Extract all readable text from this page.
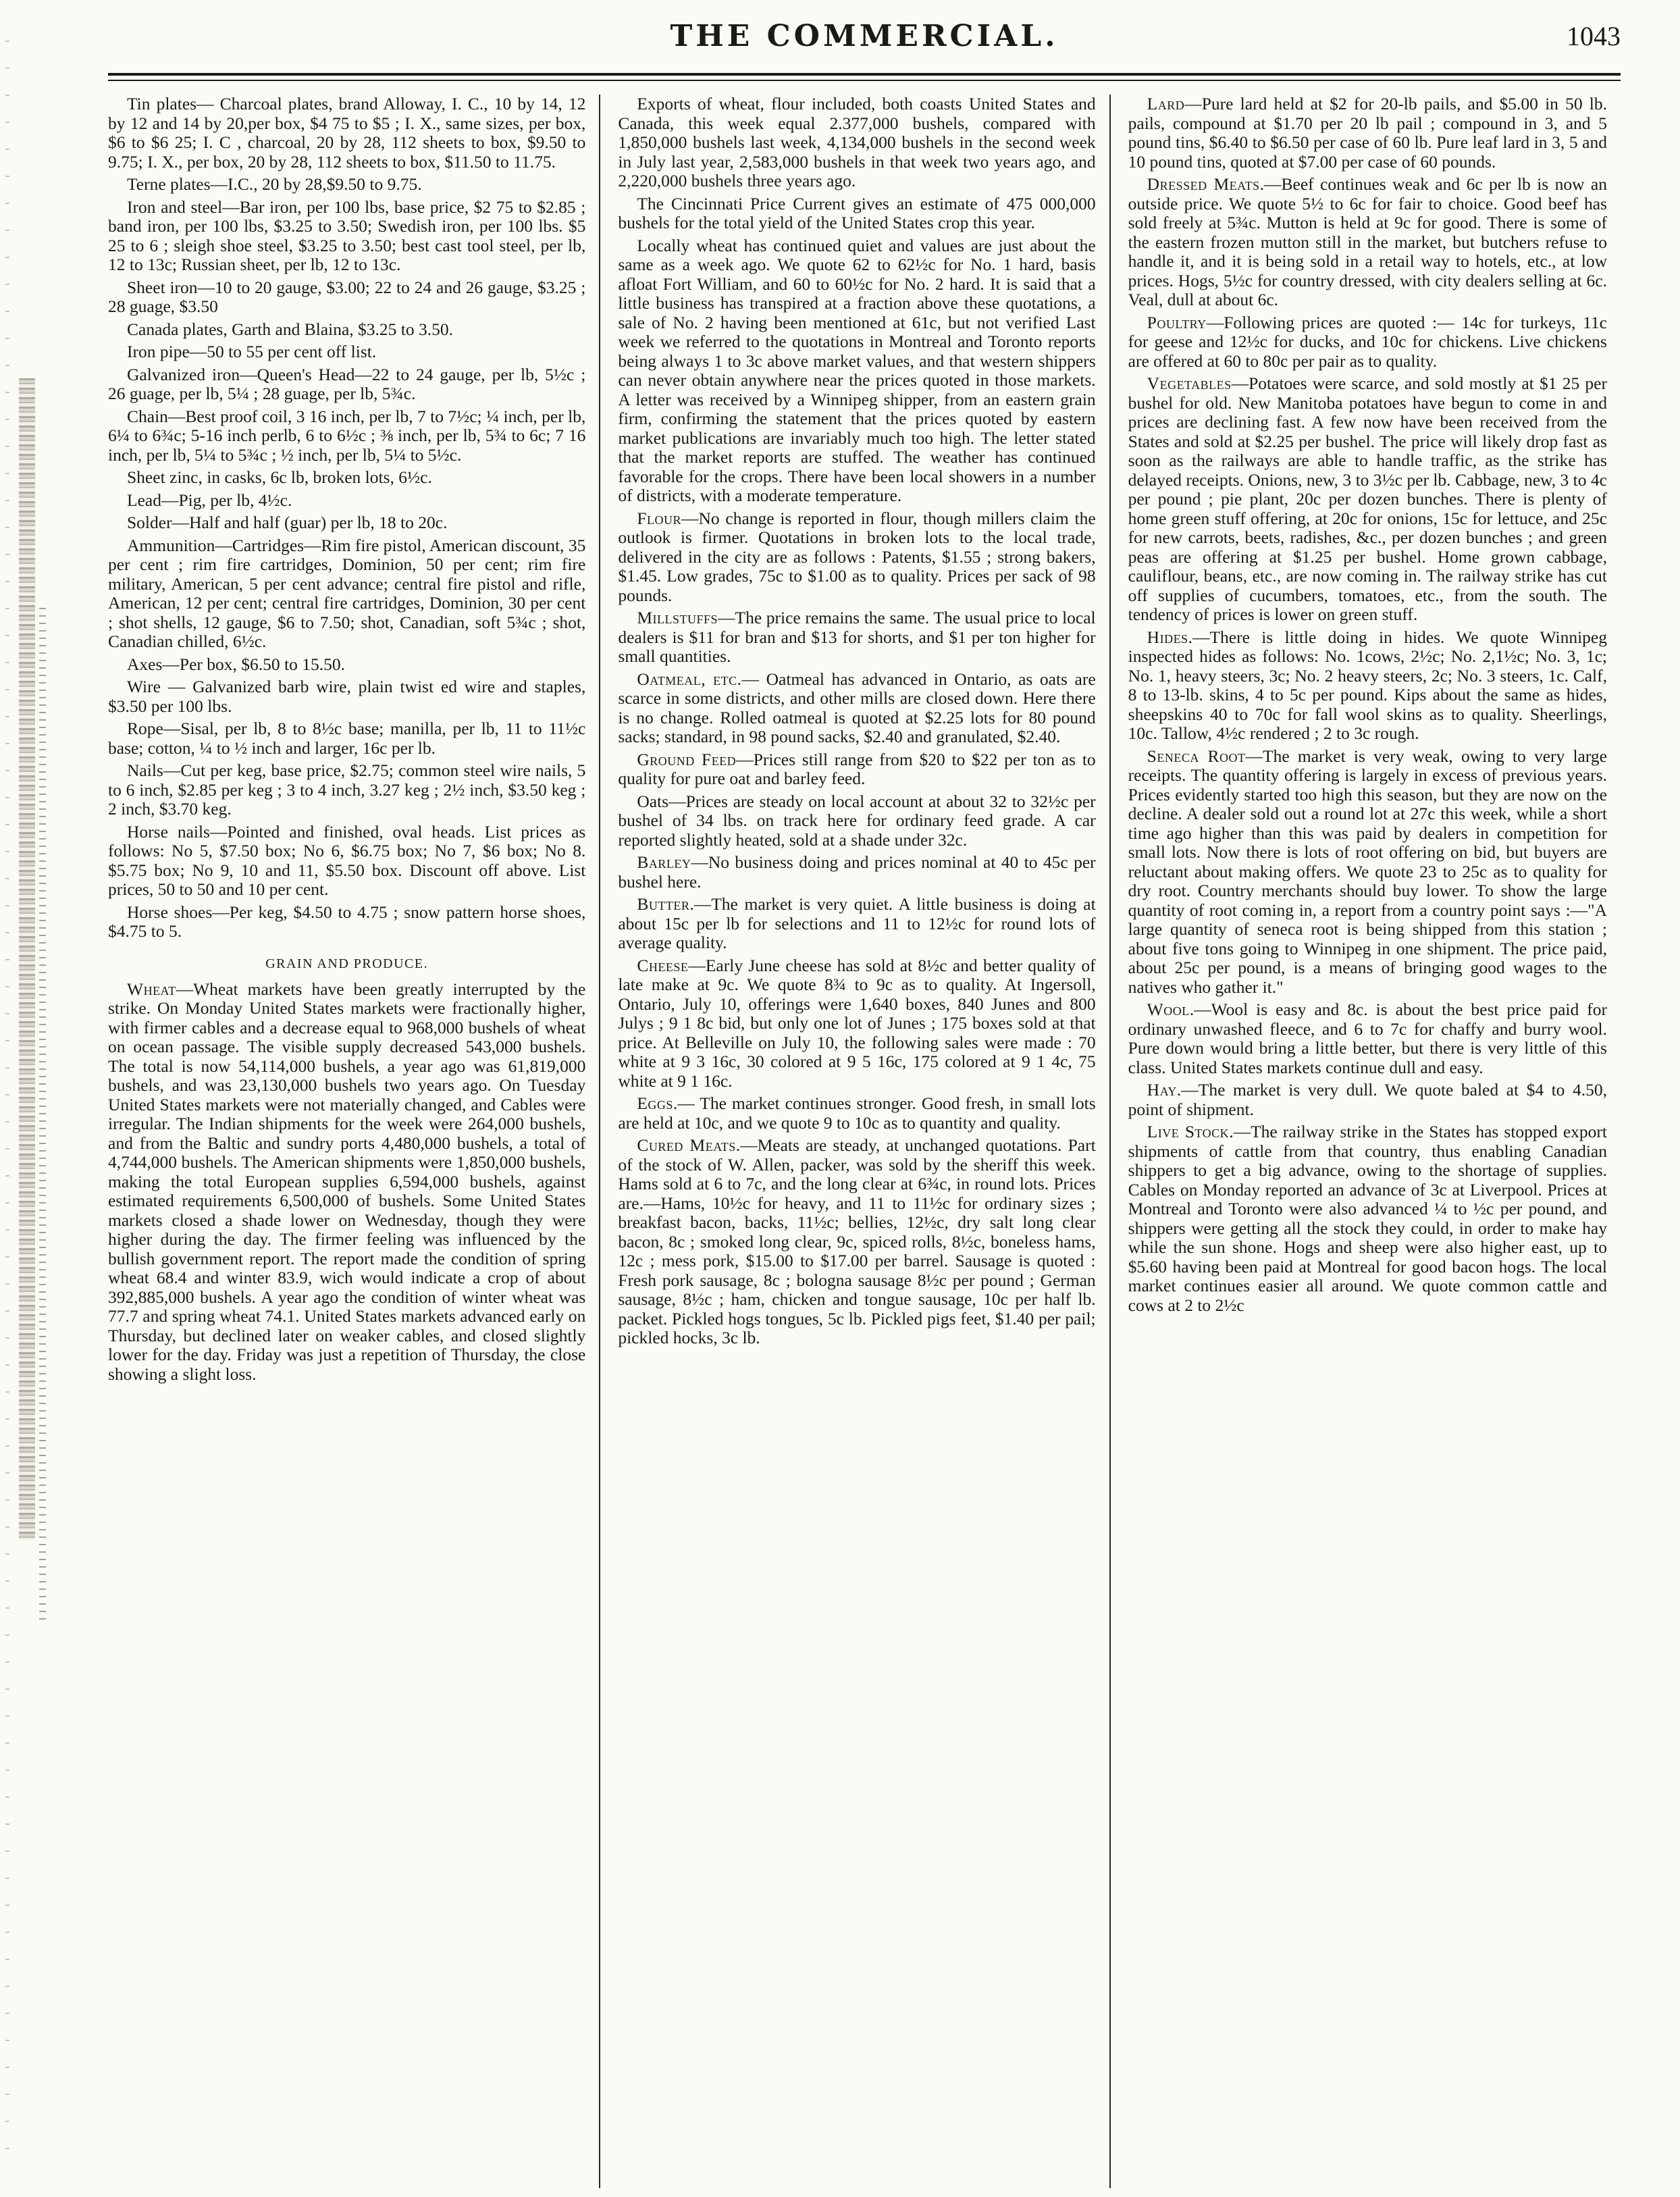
THE COMMERCIAL.	1043

Tin plates— Charcoal plates, brand Alloway, I. C., 10 by 14, 12 by 12 and 14 by 20,per box, $4 75 to $5 ; I. X., same sizes, per box, $6 to $6 25; I. C , charcoal, 20 by 28, 112 sheets to box, $9.50 to 9.75; I. X., per box, 20 by 28, 112 sheets to box, $11.50 to 11.75.

Terne plates—I.C., 20 by 28,$9.50 to 9.75.

Iron and steel—Bar iron, per 100 lbs, base price, $2 75 to $2.85 ; band iron, per 100 lbs, $3.25 to 3.50; Swedish iron, per 100 lbs. $5 25 to 6 ; sleigh shoe steel, $3.25 to 3.50; best cast tool steel, per lb, 12 to 13c; Russian sheet, per lb, 12 to 13c.

Sheet iron—10 to 20 gauge, $3.00; 22 to 24 and 26 gauge, $3.25 ; 28 guage, $3.50

Canada plates, Garth and Blaina, $3.25 to 3.50.

Iron pipe—50 to 55 per cent off list.

Galvanized iron—Queen's Head—22 to 24 gauge, per lb, 5½c ; 26 guage, per lb, 5¼ ; 28 guage, per lb, 5¾c.

Chain—Best proof coil, 3 16 inch, per lb, 7 to 7½c; ¼ inch, per lb, 6¼ to 6¾c; 5-16 inch perlb, 6 to 6½c ; ⅜ inch, per lb, 5¾ to 6c; 7 16 inch, per lb, 5¼ to 5¾c ; ½ inch, per lb, 5¼ to 5½c.

Sheet zinc, in casks, 6c lb, broken lots, 6½c.

Lead—Pig, per lb, 4½c.

Solder—Half and half (guar) per lb, 18 to 20c.

Ammunition—Cartridges—Rim fire pistol, American discount, 35 per cent ; rim fire cartridges, Dominion, 50 per cent; rim fire military, American, 5 per cent advance; central fire pistol and rifle, American, 12 per cent; central fire cartridges, Dominion, 30 per cent ; shot shells, 12 gauge, $6 to 7.50; shot, Canadian, soft 5¾c ; shot, Canadian chilled, 6½c.

Axes—Per box, $6.50 to 15.50.

Wire — Galvanized barb wire, plain twist ed wire and staples, $3.50 per 100 lbs.

Rope—Sisal, per lb, 8 to 8½c base; manilla, per lb, 11 to 11½c base; cotton, ¼ to ½ inch and larger, 16c per lb.

Nails—Cut per keg, base price, $2.75; common steel wire nails, 5 to 6 inch, $2.85 per keg ; 3 to 4 inch, 3.27 keg ; 2½ inch, $3.50 keg ; 2 inch, $3.70 keg.

Horse nails—Pointed and finished, oval heads. List prices as follows: No 5, $7.50 box; No 6, $6.75 box; No 7, $6 box; No 8. $5.75 box; No 9, 10 and 11, $5.50 box. Discount off above. List prices, 50 to 50 and 10 per cent.

Horse shoes—Per keg, $4.50 to 4.75 ; snow pattern horse shoes, $4.75 to 5.

GRAIN AND PRODUCE.

Wheat—Wheat markets have been greatly interrupted by the strike. On Monday United States markets were fractionally higher, with firmer cables and a decrease equal to 968,000 bushels of wheat on ocean passage. The visible supply decreased 543,000 bushels. The total is now 54,114,000 bushels, a year ago was 61,819,000 bushels, and was 23,130,000 bushels two years ago. On Tuesday United States markets were not materially changed, and Cables were irregular. The Indian shipments for the week were 264,000 bushels, and from the Baltic and sundry ports 4,480,000 bushels, a total of 4,744,000 bushels. The American shipments were 1,850,000 bushels, making the total European supplies 6,594,000 bushels, against estimated requirements 6,500,000 of bushels. Some United States markets closed a shade lower on Wednesday, though they were higher during the day. The firmer feeling was influenced by the bullish government report. The report made the condition of spring wheat 68.4 and winter 83.9, wich would indicate a crop of about 392,885,000 bushels. A year ago the condition of winter wheat was 77.7 and spring wheat 74.1. United States markets advanced early on Thursday, but declined later on weaker cables, and closed slightly lower for the day. Friday was just a repetition of Thursday, the close showing a slight loss.

Exports of wheat, flour included, both coasts United States and Canada, this week equal 2.377,000 bushels, compared with 1,850,000 bushels last week, 4,134,000 bushels in the second week in July last year, 2,583,000 bushels in that week two years ago, and 2,220,000 bushels three years ago.

The Cincinnati Price Current gives an estimate of 475 000,000 bushels for the total yield of the United States crop this year.

Locally wheat has continued quiet and values are just about the same as a week ago. We quote 62 to 62½c for No. 1 hard, basis afloat Fort William, and 60 to 60½c for No. 2 hard. It is said that a little business has transpired at a fraction above these quotations, a sale of No. 2 having been mentioned at 61c, but not verified Last week we referred to the quotations in Montreal and Toronto reports being always 1 to 3c above market values, and that western shippers can never obtain anywhere near the prices quoted in those markets. A letter was received by a Winnipeg shipper, from an eastern grain firm, confirming the statement that the prices quoted by eastern market publications are invariably much too high. The letter stated that the market reports are stuffed. The weather has continued favorable for the crops. There have been local showers in a number of districts, with a moderate temperature.

Flour—No change is reported in flour, though millers claim the outlook is firmer. Quotations in broken lots to the local trade, delivered in the city are as follows : Patents, $1.55 ; strong bakers, $1.45. Low grades, 75c to $1.00 as to quality. Prices per sack of 98 pounds.

Millstuffs—The price remains the same. The usual price to local dealers is $11 for bran and $13 for shorts, and $1 per ton higher for small quantities.

Oatmeal, etc.— Oatmeal has advanced in Ontario, as oats are scarce in some districts, and other mills are closed down. Here there is no change. Rolled oatmeal is quoted at $2.25 lots for 80 pound sacks; standard, in 98 pound sacks, $2.40 and granulated, $2.40.

Ground Feed—Prices still range from $20 to $22 per ton as to quality for pure oat and barley feed.

Oats—Prices are steady on local account at about 32 to 32½c per bushel of 34 lbs. on track here for ordinary feed grade. A car reported slightly heated, sold at a shade under 32c.

Barley—No business doing and prices nominal at 40 to 45c per bushel here.

Butter.—The market is very quiet. A little business is doing at about 15c per lb for selections and 11 to 12½c for round lots of average quality.

Cheese—Early June cheese has sold at 8½c and better quality of late make at 9c. We quote 8¾ to 9c as to quality. At Ingersoll, Ontario, July 10, offerings were 1,640 boxes, 840 Junes and 800 Julys ; 9 1 8c bid, but only one lot of Junes ; 175 boxes sold at that price. At Belleville on July 10, the following sales were made : 70 white at 9 3 16c, 30 colored at 9 5 16c, 175 colored at 9 1 4c, 75 white at 9 1 16c.

Eggs.— The market continues stronger. Good fresh, in small lots are held at 10c, and we quote 9 to 10c as to quantity and quality.

Cured Meats.—Meats are steady, at unchanged quotations. Part of the stock of W. Allen, packer, was sold by the sheriff this week. Hams sold at 6 to 7c, and the long clear at 6¾c, in round lots. Prices are.—Hams, 10½c for heavy, and 11 to 11½c for ordinary sizes ; breakfast bacon, backs, 11½c; bellies, 12½c, dry salt long clear bacon, 8c ; smoked long clear, 9c, spiced rolls, 8½c, boneless hams, 12c ; mess pork, $15.00 to $17.00 per barrel. Sausage is quoted : Fresh pork sausage, 8c ; bologna sausage 8½c per pound ; German sausage, 8½c ; ham, chicken and tongue sausage, 10c per half lb. packet. Pickled hogs tongues, 5c lb. Pickled pigs feet, $1.40 per pail; pickled hocks, 3c lb.

Lard—Pure lard held at $2 for 20-lb pails, and $5.00 in 50 lb. pails, compound at $1.70 per 20 lb pail ; compound in 3, and 5 pound tins, $6.40 to $6.50 per case of 60 lb. Pure leaf lard in 3, 5 and 10 pound tins, quoted at $7.00 per case of 60 pounds.

Dressed Meats.—Beef continues weak and 6c per lb is now an outside price. We quote 5½ to 6c for fair to choice. Good beef has sold freely at 5¾c. Mutton is held at 9c for good. There is some of the eastern frozen mutton still in the market, but butchers refuse to handle it, and it is being sold in a retail way to hotels, etc., at low prices. Hogs, 5½c for country dressed, with city dealers selling at 6c. Veal, dull at about 6c.

Poultry—Following prices are quoted :— 14c for turkeys, 11c for geese and 12½c for ducks, and 10c for chickens. Live chickens are offered at 60 to 80c per pair as to quality.

Vegetables—Potatoes were scarce, and sold mostly at $1 25 per bushel for old. New Manitoba potatoes have begun to come in and prices are declining fast. A few now have been received from the States and sold at $2.25 per bushel. The price will likely drop fast as soon as the railways are able to handle traffic, as the strike has delayed receipts. Onions, new, 3 to 3½c per lb. Cabbage, new, 3 to 4c per pound ; pie plant, 20c per dozen bunches. There is plenty of home green stuff offering, at 20c for onions, 15c for lettuce, and 25c for new carrots, beets, radishes, &c., per dozen bunches ; and green peas are offering at $1.25 per bushel. Home grown cabbage, cauliflour, beans, etc., are now coming in. The railway strike has cut off supplies of cucumbers, tomatoes, etc., from the south. The tendency of prices is lower on green stuff.

Hides.—There is little doing in hides. We quote Winnipeg inspected hides as follows: No. 1cows, 2½c; No. 2,1½c; No. 3, 1c; No. 1, heavy steers, 3c; No. 2 heavy steers, 2c; No. 3 steers, 1c. Calf, 8 to 13-lb. skins, 4 to 5c per pound. Kips about the same as hides, sheepskins 40 to 70c for fall wool skins as to quality. Sheerlings, 10c. Tallow, 4½c rendered ; 2 to 3c rough.

Seneca Root—The market is very weak, owing to very large receipts. The quantity offering is largely in excess of previous years. Prices evidently started too high this season, but they are now on the decline. A dealer sold out a round lot at 27c this week, while a short time ago higher than this was paid by dealers in competition for small lots. Now there is lots of root offering on bid, but buyers are reluctant about making offers. We quote 23 to 25c as to quality for dry root. Country merchants should buy lower. To show the large quantity of root coming in, a report from a country point says :—"A large quantity of seneca root is being shipped from this station ; about five tons going to Winnipeg in one shipment. The price paid, about 25c per pound, is a means of bringing good wages to the natives who gather it."

Wool.—Wool is easy and 8c. is about the best price paid for ordinary unwashed fleece, and 6 to 7c for chaffy and burry wool. Pure down would bring a little better, but there is very little of this class. United States markets continue dull and easy.

Hay.—The market is very dull. We quote baled at $4 to 4.50, point of shipment.

Live Stock.—The railway strike in the States has stopped export shipments of cattle from that country, thus enabling Canadian shippers to get a big advance, owing to the shortage of supplies. Cables on Monday reported an advance of 3c at Liverpool. Prices at Montreal and Toronto were also advanced ¼ to ½c per pound, and shippers were getting all the stock they could, in order to make hay while the sun shone. Hogs and sheep were also higher east, up to $5.60 having been paid at Montreal for good bacon hogs. The local market continues easier all around. We quote common cattle and cows at 2 to 2½c
